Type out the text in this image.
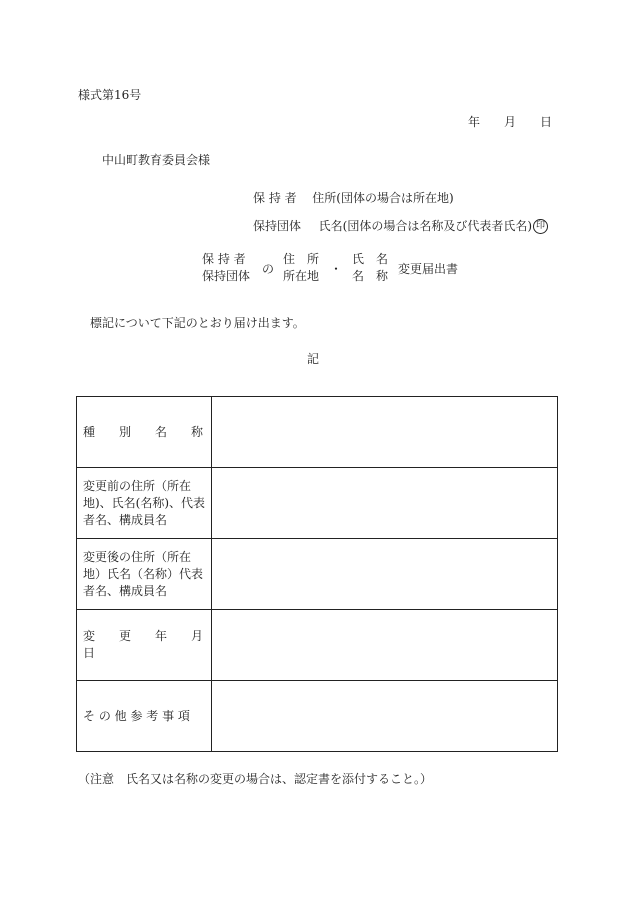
様式第16号
年 月 日
中山町教育委員会様
保 持 者 住所(団体の場合は所在地)
保持団体 氏名(団体の場合は名称及び代表者氏名) 印
保 持 者
保持団体 の
住　所
所在地 ・
氏　名
名　称 変更届出書
標記について下記のとおり届け出ます。
記
種　　別　　名　　称	
変更前の住所（所在地)、氏名(名称)、代表者名、構成員名	
変更後の住所（所在地）氏名（名称）代表者名、構成員名	
変　　更　　年　　月　　日	
そ の 他 参 考 事 項	
（注意　氏名又は名称の変更の場合は、認定書を添付すること。）
